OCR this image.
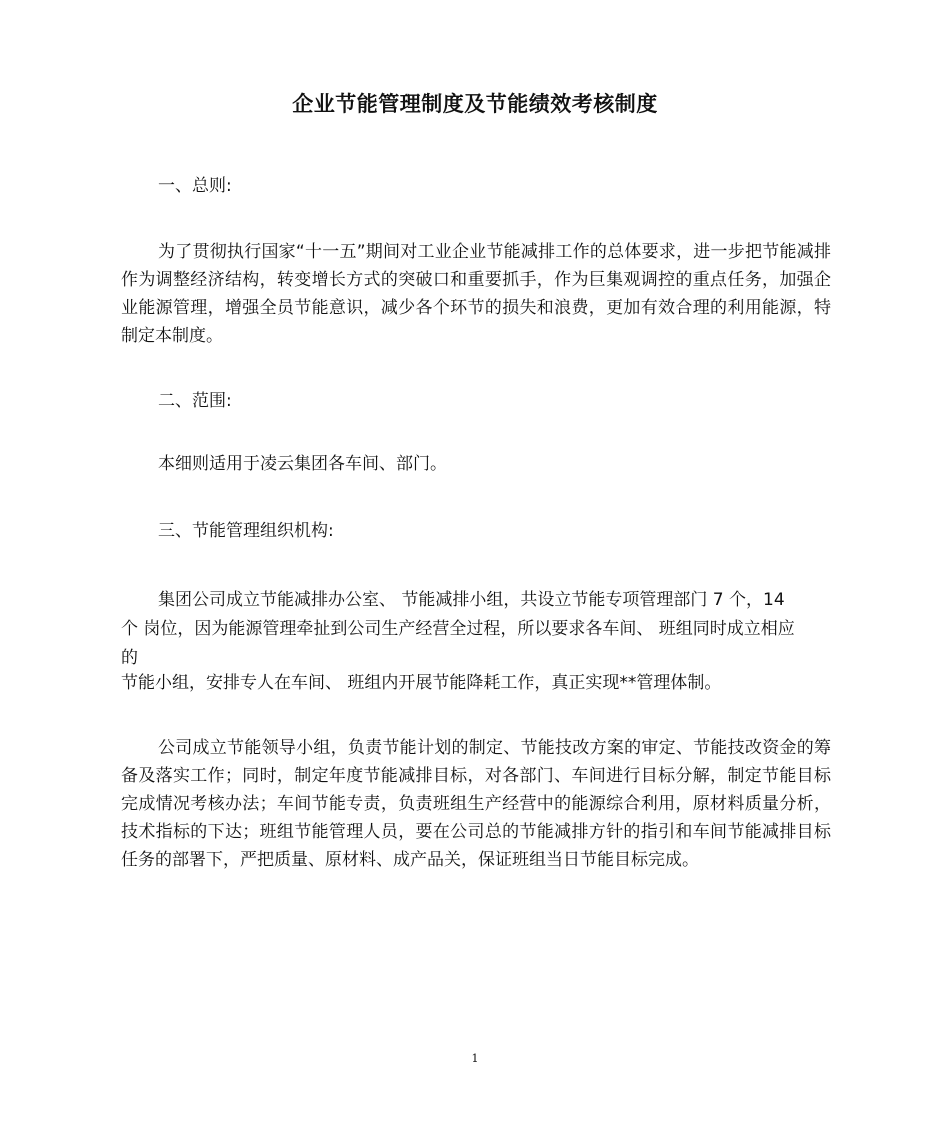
企业节能管理制度及节能绩效考核制度

一、总则:

为了贯彻执行国家“十一五”期间对工业企业节能减排工作的总体要求，进一步把节能减排作为调整经济结构，转变增长方式的突破口和重要抓手，作为巨集观调控的重点任务，加强企业能源管理，增强全员节能意识，减少各个环节的损失和浪费，更加有效合理的利用能源，特制定本制度。

二、范围:

本细则适用于凌云集团各车间、部门。

三、节能管理组织机构:

集团公司成立节能减排办公室、 节能减排小组，共设立节能专项管理部门 7 个，14

个 岗位，因为能源管理牵扯到公司生产经营全过程，所以要求各车间、 班组同时成立相应

的

节能小组，安排专人在车间、 班组内开展节能降耗工作，真正实现**管理体制。

公司成立节能领导小组，负责节能计划的制定、节能技改方案的审定、节能技改资金的筹备及落实工作；同时，制定年度节能减排目标，对各部门、车间进行目标分解，制定节能目标完成情况考核办法；车间节能专责，负责班组生产经营中的能源综合利用，原材料质量分析，技术指标的下达；班组节能管理人员，要在公司总的节能减排方针的指引和车间节能减排目标任务的部署下，严把质量、原材料、成产品关，保证班组当日节能目标完成。

1
